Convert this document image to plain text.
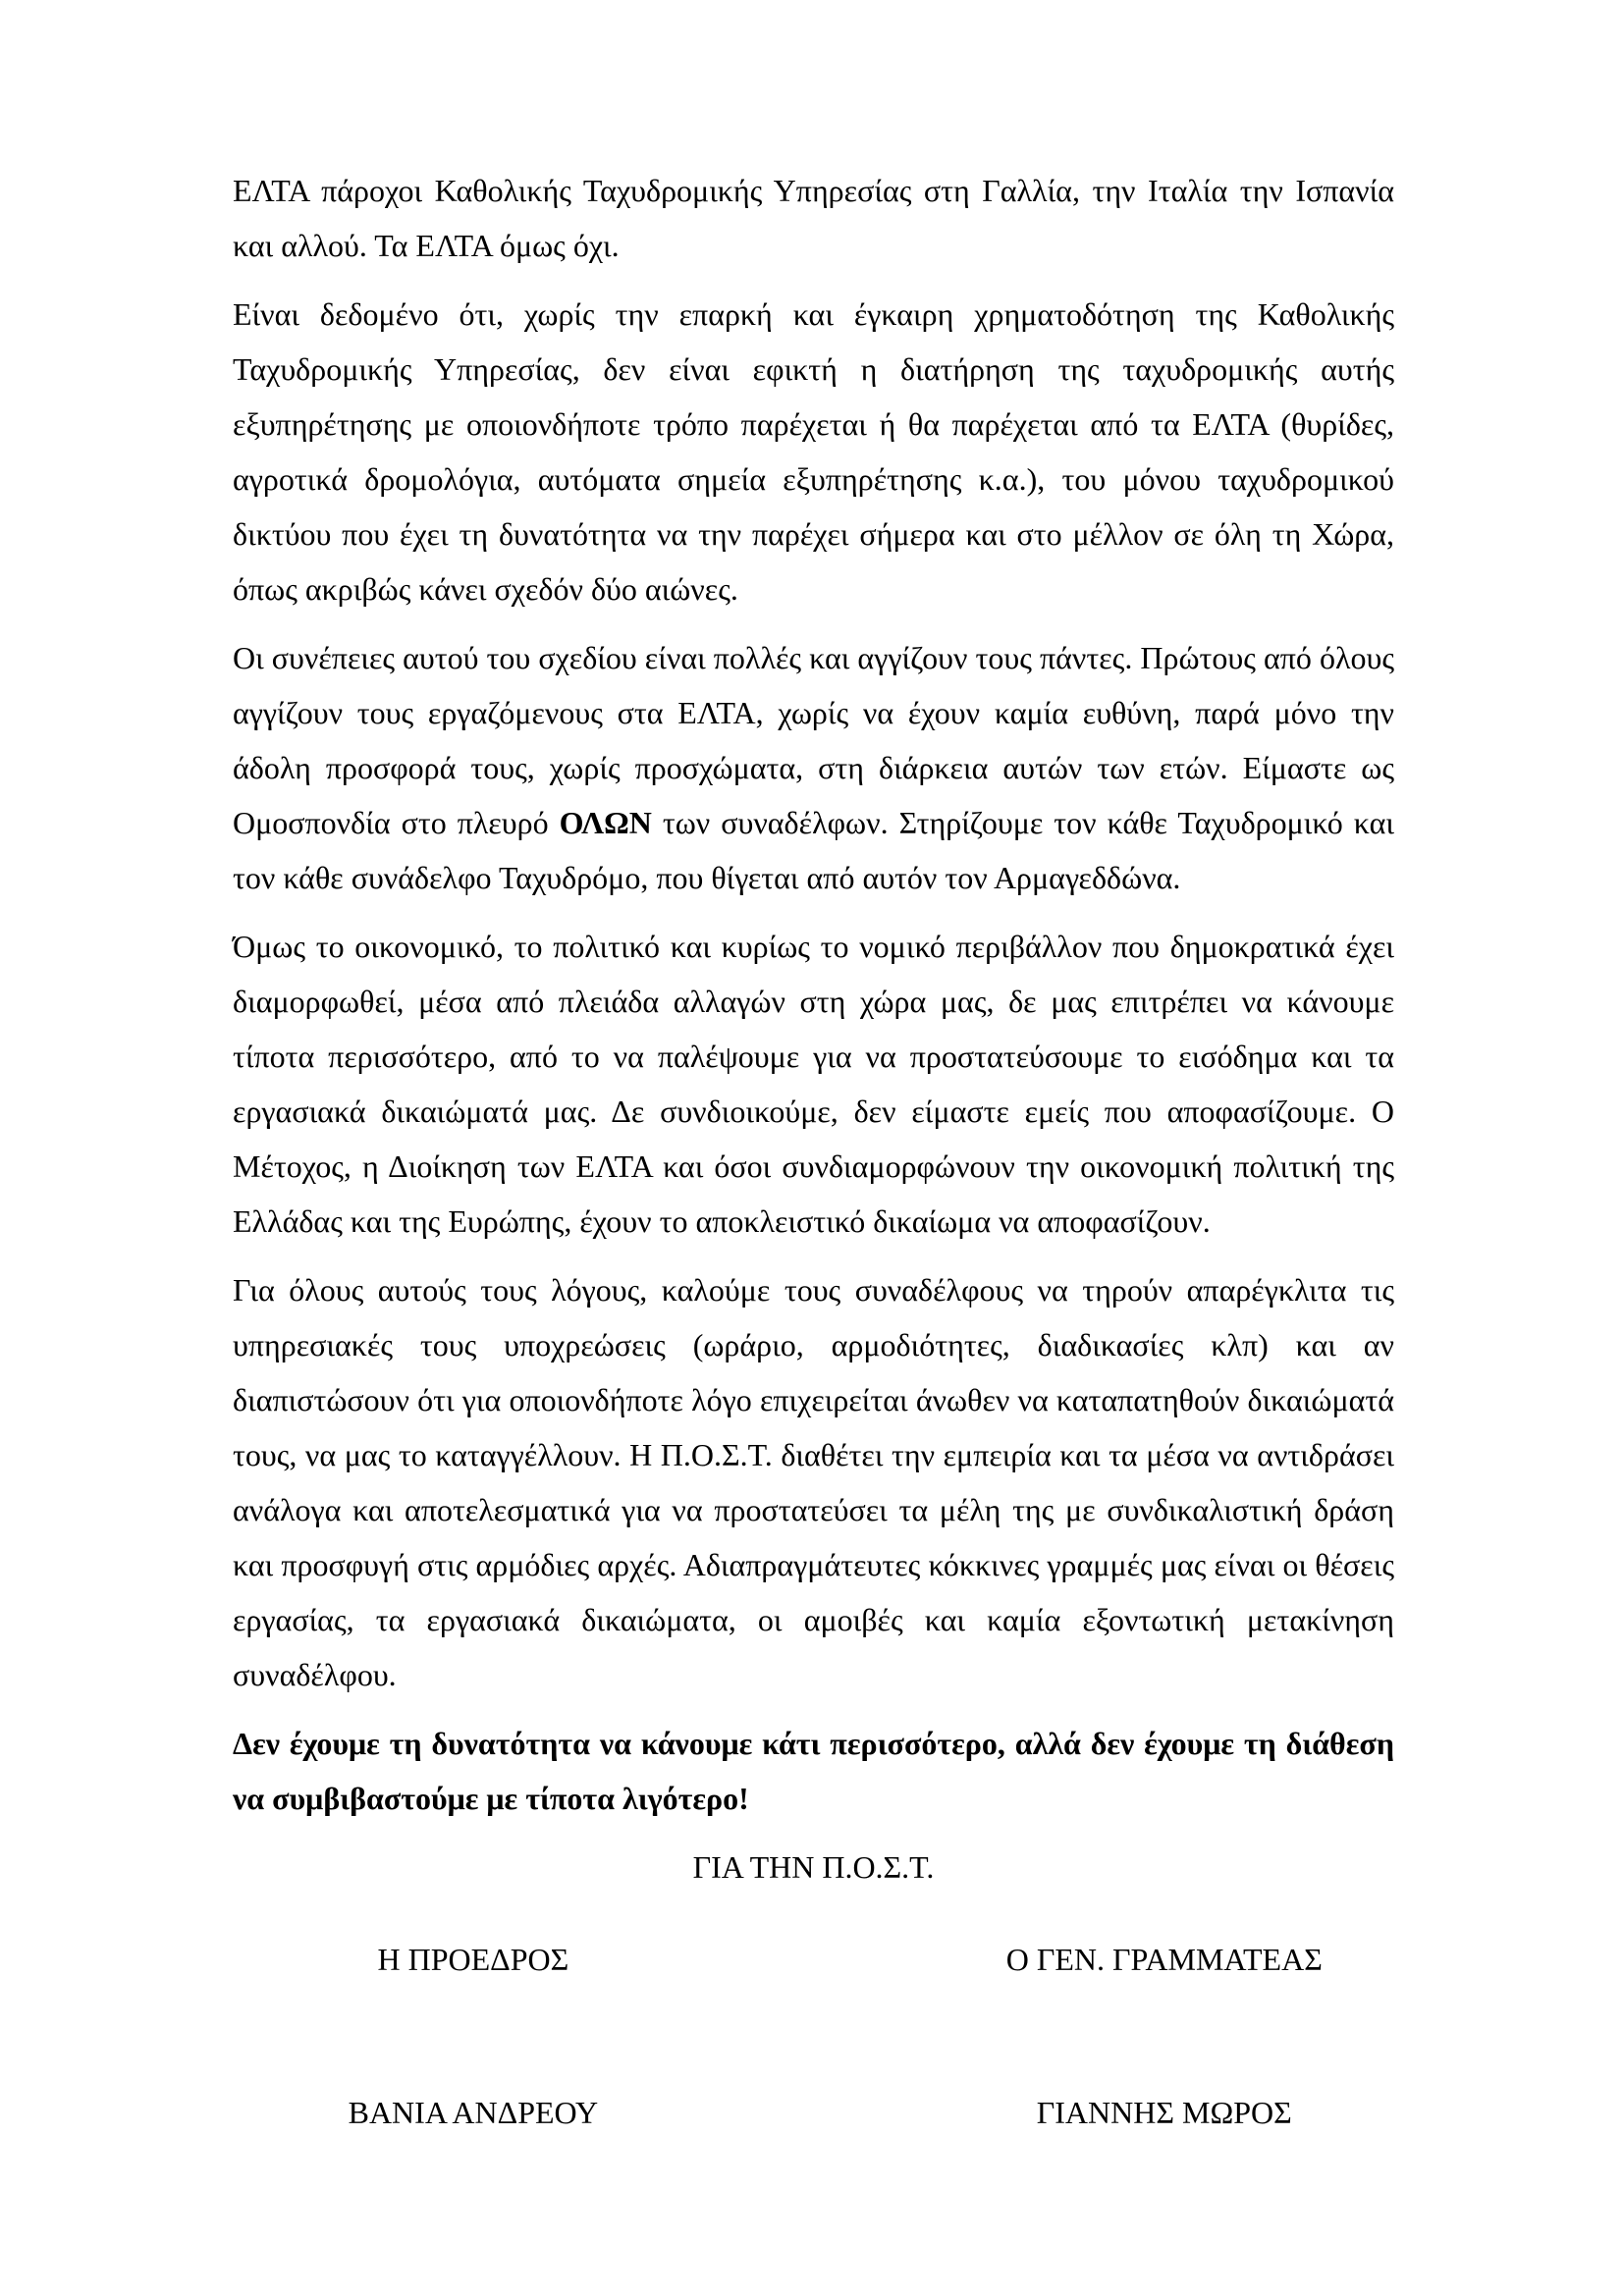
ΕΛΤΑ πάροχοι Καθολικής Ταχυδρομικής Υπηρεσίας στη Γαλλία, την Ιταλία την Ισπανία και αλλού. Τα ΕΛΤΑ όμως όχι.

Είναι δεδομένο ότι, χωρίς την επαρκή και έγκαιρη χρηματοδότηση της Καθολικής Ταχυδρομικής Υπηρεσίας, δεν είναι εφικτή η διατήρηση της ταχυδρομικής αυτής εξυπηρέτησης με οποιονδήποτε τρόπο παρέχεται ή θα παρέχεται από τα ΕΛΤΑ (θυρίδες, αγροτικά δρομολόγια, αυτόματα σημεία εξυπηρέτησης κ.α.), του μόνου ταχυδρομικού δικτύου που έχει τη δυνατότητα να την παρέχει σήμερα και στο μέλλον σε όλη τη Χώρα, όπως ακριβώς κάνει σχεδόν δύο αιώνες.

Οι συνέπειες αυτού του σχεδίου είναι πολλές και αγγίζουν τους πάντες. Πρώτους από όλους αγγίζουν τους εργαζόμενους στα ΕΛΤΑ, χωρίς να έχουν καμία ευθύνη, παρά μόνο την άδολη προσφορά τους, χωρίς προσχώματα, στη διάρκεια αυτών των ετών. Είμαστε ως Ομοσπονδία στο πλευρό ΟΛΩΝ των συναδέλφων. Στηρίζουμε τον κάθε Ταχυδρομικό και τον κάθε συνάδελφο Ταχυδρόμο, που θίγεται από αυτόν τον Αρμαγεδδώνα.

Όμως το οικονομικό, το πολιτικό και κυρίως το νομικό περιβάλλον που δημοκρατικά έχει διαμορφωθεί, μέσα από πλειάδα αλλαγών στη χώρα μας, δε μας επιτρέπει να κάνουμε τίποτα περισσότερο, από το να παλέψουμε για να προστατεύσουμε το εισόδημα και τα εργασιακά δικαιώματά μας. Δε συνδιοικούμε, δεν είμαστε εμείς που αποφασίζουμε. Ο Μέτοχος, η Διοίκηση των ΕΛΤΑ και όσοι συνδιαμορφώνουν την οικονομική πολιτική της Ελλάδας και της Ευρώπης, έχουν το αποκλειστικό δικαίωμα να αποφασίζουν.

Για όλους αυτούς τους λόγους, καλούμε τους συναδέλφους να τηρούν απαρέγκλιτα τις υπηρεσιακές τους υποχρεώσεις (ωράριο, αρμοδιότητες, διαδικασίες κλπ) και αν διαπιστώσουν ότι για οποιονδήποτε λόγο επιχειρείται άνωθεν να καταπατηθούν δικαιώματά τους, να μας το καταγγέλλουν. Η Π.Ο.Σ.Τ. διαθέτει την εμπειρία και τα μέσα να αντιδράσει ανάλογα και αποτελεσματικά για να προστατεύσει τα μέλη της με συνδικαλιστική δράση και προσφυγή στις αρμόδιες αρχές. Αδιαπραγμάτευτες κόκκινες γραμμές μας είναι οι θέσεις εργασίας, τα εργασιακά δικαιώματα, οι αμοιβές και καμία εξοντωτική μετακίνηση συναδέλφου.

Δεν έχουμε τη δυνατότητα να κάνουμε κάτι περισσότερο, αλλά δεν έχουμε τη διάθεση να συμβιβαστούμε με τίποτα λιγότερο!

ΓΙΑ ΤΗΝ Π.Ο.Σ.Τ.

Η ΠΡΟΕΔΡΟΣ	Ο ΓΕΝ. ΓΡΑΜΜΑΤΕΑΣ
ΒΑΝΙΑ ΑΝΔΡΕΟΥ	ΓΙΑΝΝΗΣ ΜΩΡΟΣ
